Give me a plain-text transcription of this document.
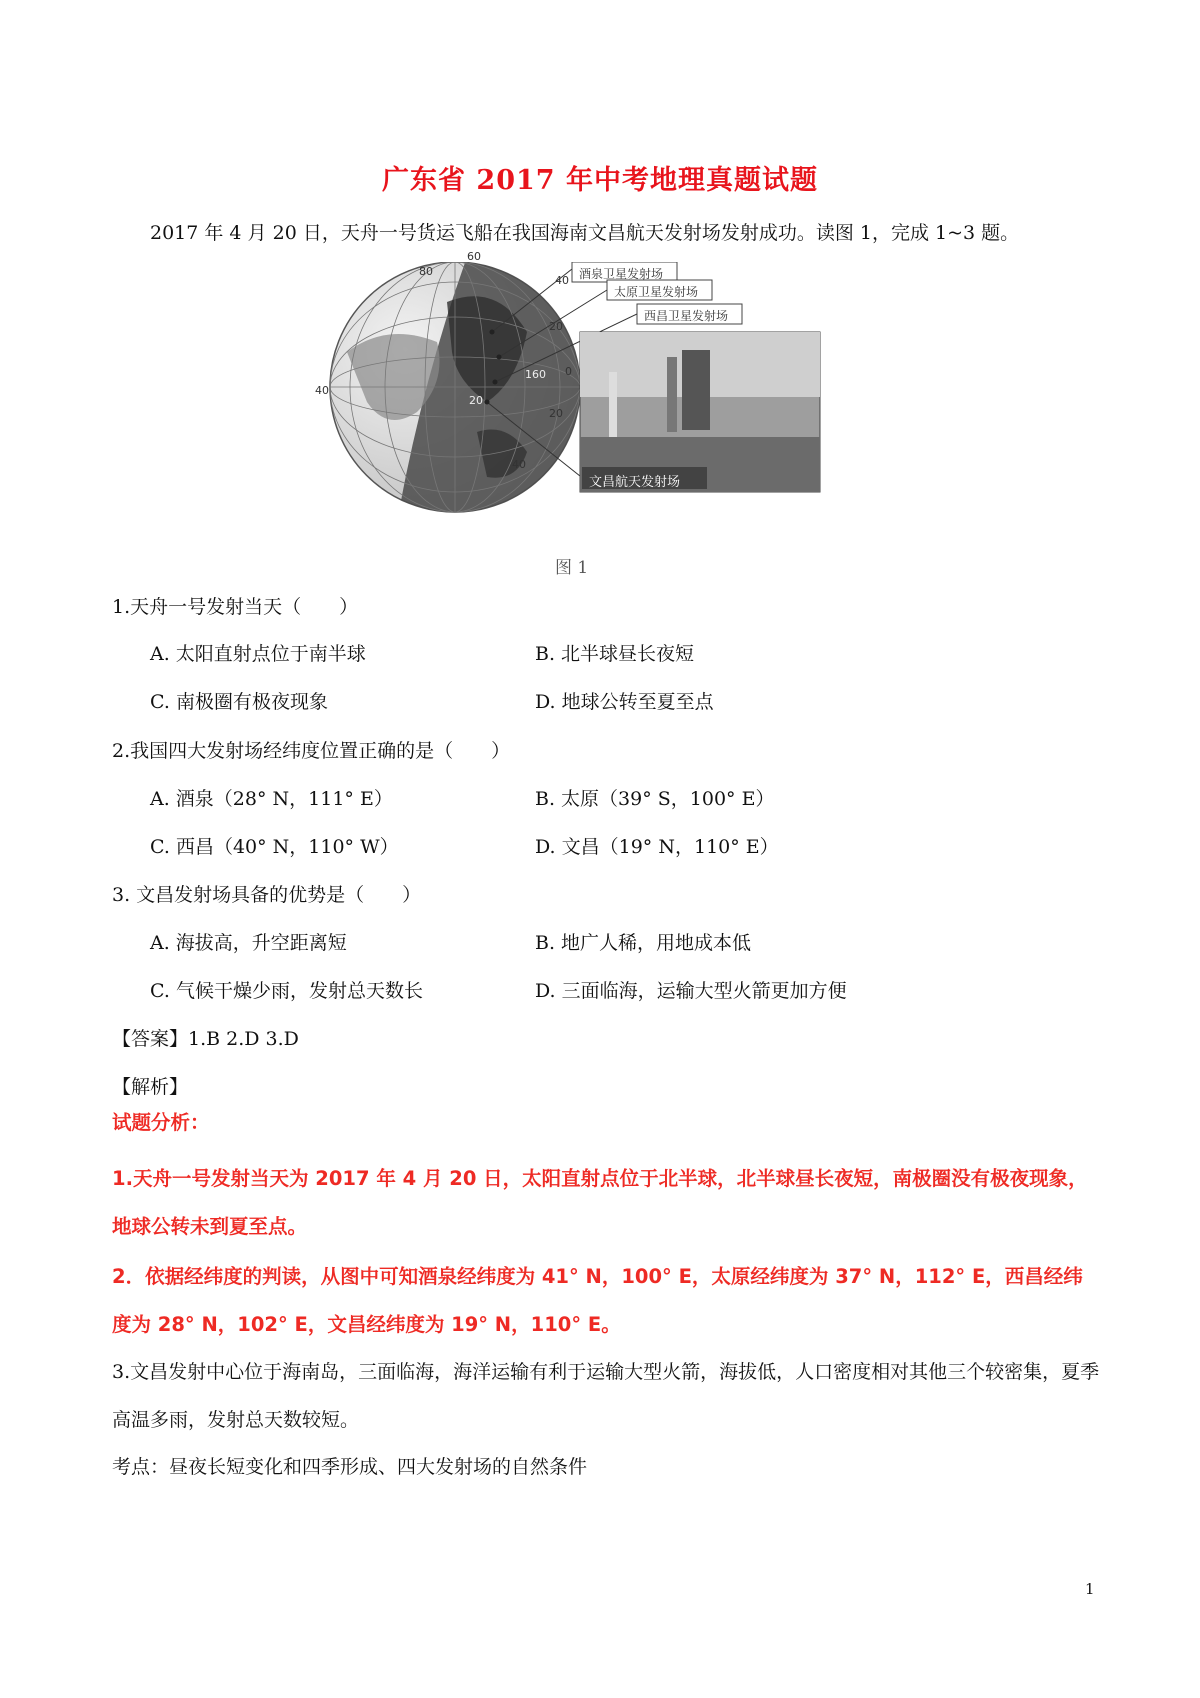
广东省 2017 年中考地理真题试题
2017 年 4 月 20 日，天舟一号货运飞船在我国海南文昌航天发射场发射成功。读图 1，完成 1~3 题。
酒泉卫星发射场
太原卫星发射场
西昌卫星发射场
文昌航天发射场
60
40
20
0
20
40
80
40
160
20
图 1
1.天舟一号发射当天（　　）
A. 太阳直射点位于南半球	B. 北半球昼长夜短
C. 南极圈有极夜现象	D. 地球公转至夏至点
2.我国四大发射场经纬度位置正确的是（　　）
A. 酒泉（28° N，111° E）	B. 太原（39° S，100° E）
C. 西昌（40° N，110° W）	D. 文昌（19° N，110° E）
3. 文昌发射场具备的优势是（　　）
A. 海拔高，升空距离短	B. 地广人稀，用地成本低
C. 气候干燥少雨，发射总天数长	D. 三面临海，运输大型火箭更加方便
【答案】1.B 2.D 3.D
【解析】
试题分析：
1.天舟一号发射当天为 2017 年 4 月 20 日，太阳直射点位于北半球，北半球昼长夜短，南极圈没有极夜现象，地球公转未到夏至点。
2．依据经纬度的判读，从图中可知酒泉经纬度为 41° N，100° E，太原经纬度为 37° N，112° E，西昌经纬度为 28° N，102° E，文昌经纬度为 19° N，110° E。
3.文昌发射中心位于海南岛，三面临海，海洋运输有利于运输大型火箭，海拔低，人口密度相对其他三个较密集，夏季高温多雨，发射总天数较短。
考点：昼夜长短变化和四季形成、四大发射场的自然条件
1
